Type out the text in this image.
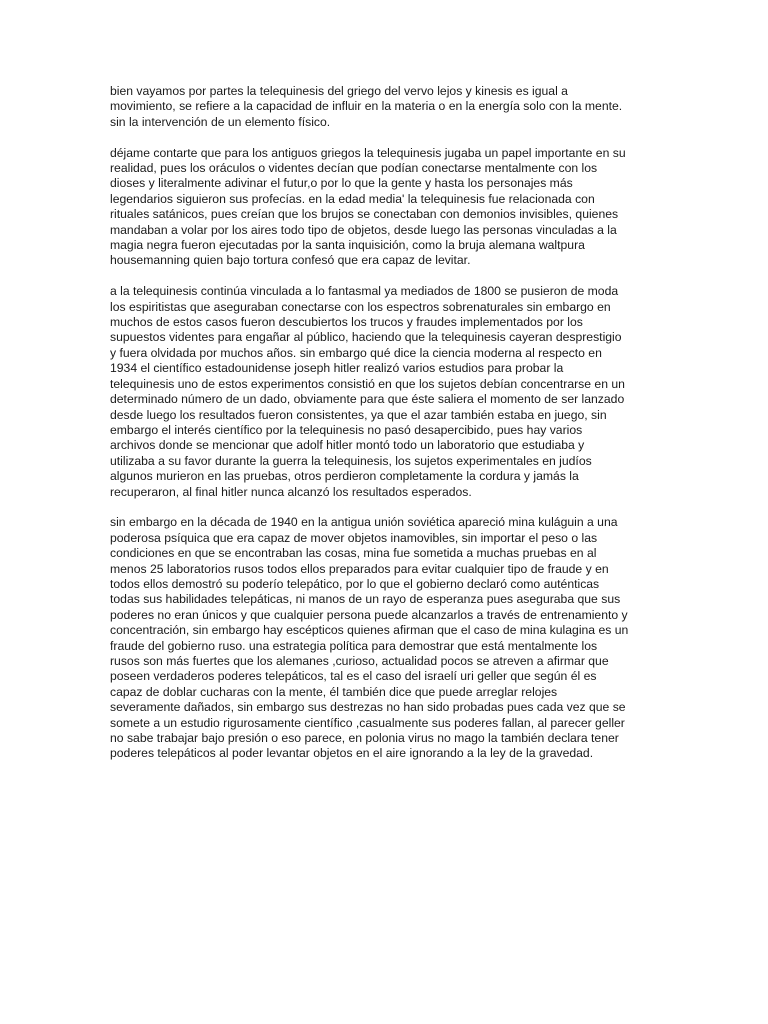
bien vayamos por partes la telequinesis del griego del vervo lejos y kinesis es igual a
movimiento, se refiere a la capacidad de influir en la materia o en la energía solo con la mente.
sin la intervención de un elemento físico.

déjame contarte que para los antiguos griegos la telequinesis jugaba un papel importante en su
realidad, pues los oráculos o videntes decían que podían conectarse mentalmente con los
dioses y literalmente adivinar el futur,o por lo que la gente y hasta los personajes más
legendarios siguieron sus profecías. en la edad media' la telequinesis fue relacionada con
rituales satánicos, pues creían que los brujos se conectaban con demonios invisibles, quienes
mandaban a volar por los aires todo tipo de objetos, desde luego las personas vinculadas a la
magia negra fueron ejecutadas por la santa inquisición, como la bruja alemana waltpura
housemanning quien bajo tortura confesó que era capaz de levitar.

a la telequinesis continúa vinculada a lo fantasmal ya mediados de 1800 se pusieron de moda
los espiritistas que aseguraban conectarse con los espectros sobrenaturales sin embargo en
muchos de estos casos fueron descubiertos los trucos y fraudes implementados por los
supuestos videntes para engañar al público, haciendo que la telequinesis cayeran desprestigio
y fuera olvidada por muchos años. sin embargo qué dice la ciencia moderna al respecto en
1934 el científico estadounidense joseph hitler realizó varios estudios para probar la
telequinesis uno de estos experimentos consistió en que los sujetos debían concentrarse en un
determinado número de un dado, obviamente para que éste saliera el momento de ser lanzado
desde luego los resultados fueron consistentes, ya que el azar también estaba en juego, sin
embargo el interés científico por la telequinesis no pasó desapercibido, pues hay varios
archivos donde se mencionar que adolf hitler montó todo un laboratorio que estudiaba y
utilizaba a su favor durante la guerra la telequinesis, los sujetos experimentales en judíos
algunos murieron en las pruebas, otros perdieron completamente la cordura y jamás la
recuperaron, al final hitler nunca alcanzó los resultados esperados.

sin embargo en la década de 1940 en la antigua unión soviética apareció mina kuláguin a una
poderosa psíquica que era capaz de mover objetos inamovibles, sin importar el peso o las
condiciones en que se encontraban las cosas, mina fue sometida a muchas pruebas en al
menos 25 laboratorios rusos todos ellos preparados para evitar cualquier tipo de fraude y en
todos ellos demostró su poderío telepático, por lo que el gobierno declaró como auténticas
todas sus habilidades telepáticas, ni manos de un rayo de esperanza pues aseguraba que sus
poderes no eran únicos y que cualquier persona puede alcanzarlos a través de entrenamiento y
concentración, sin embargo hay escépticos quienes afirman que el caso de mina kulagina es un
fraude del gobierno ruso. una estrategia política para demostrar que está mentalmente los
rusos son más fuertes que los alemanes ,curioso, actualidad pocos se atreven a afirmar que
poseen verdaderos poderes telepáticos, tal es el caso del israelí uri geller que según él es
capaz de doblar cucharas con la mente, él también dice que puede arreglar relojes
severamente dañados, sin embargo sus destrezas no han sido probadas pues cada vez que se
somete a un estudio rigurosamente científico ,casualmente sus poderes fallan, al parecer geller
no sabe trabajar bajo presión o eso parece, en polonia virus no mago la también declara tener
poderes telepáticos al poder levantar objetos en el aire ignorando a la ley de la gravedad.
